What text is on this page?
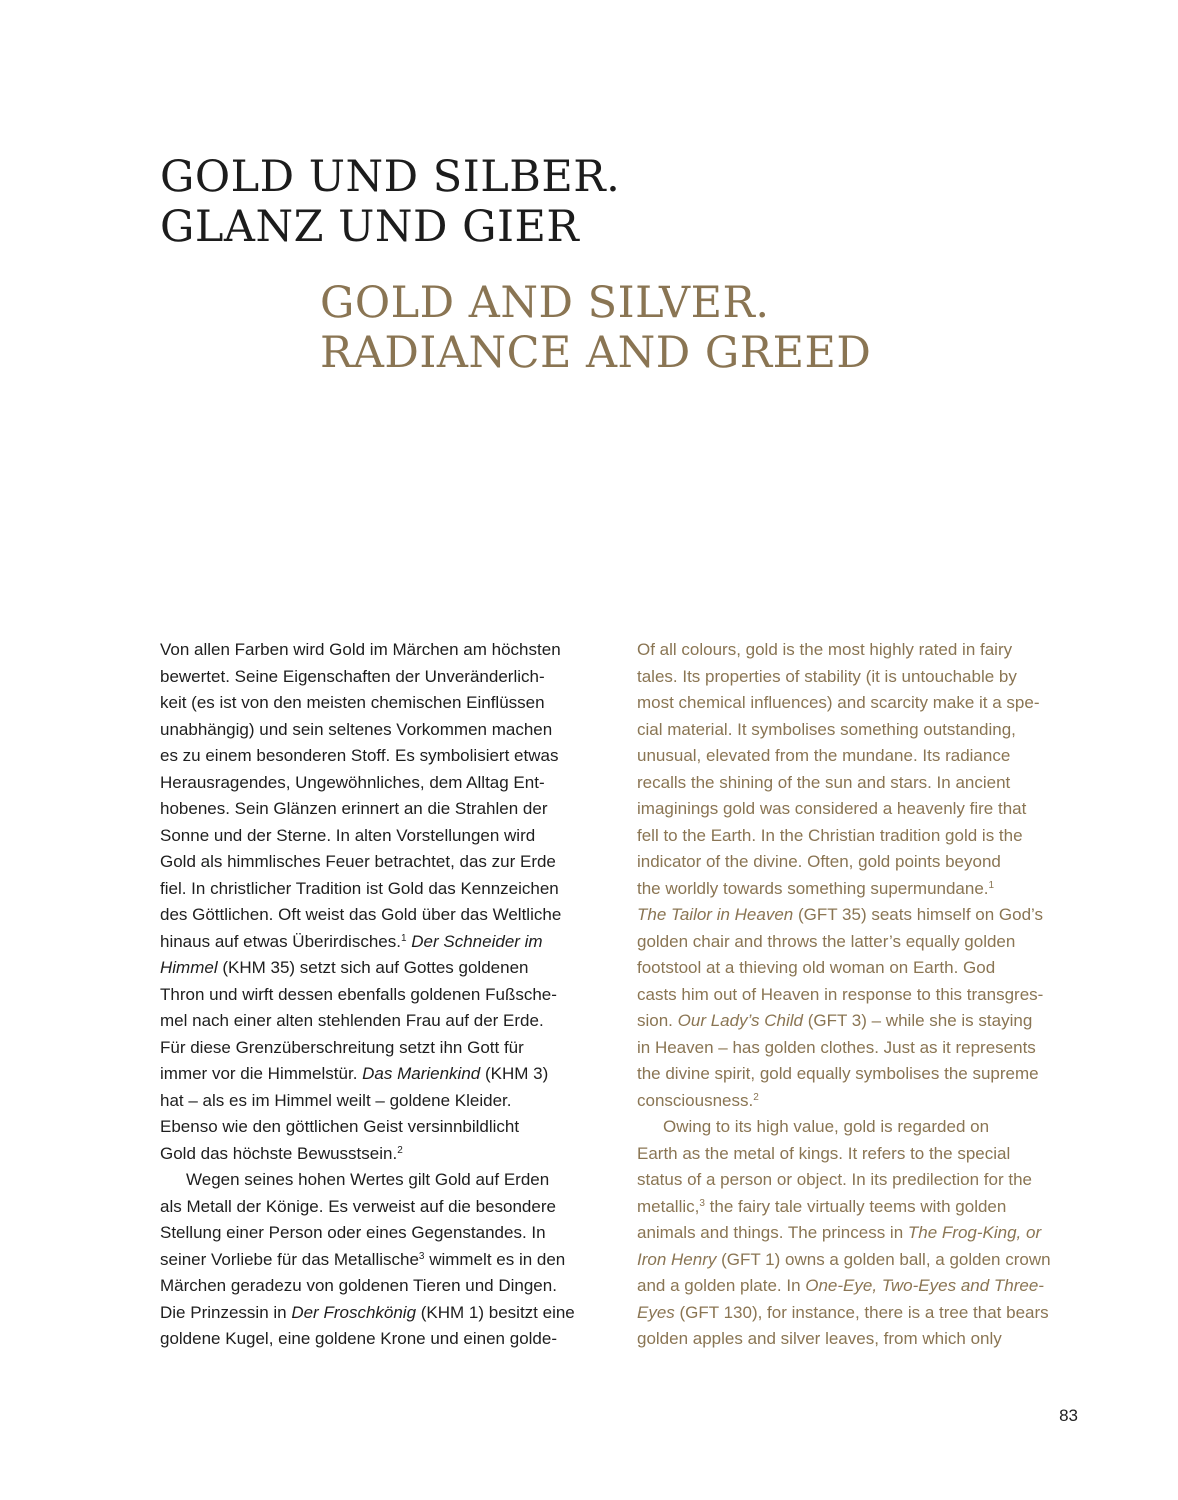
GOLD UND SILBER.
GLANZ UND GIER
GOLD AND SILVER.
RADIANCE AND GREED

Von allen Farben wird Gold im Märchen am höchsten
bewertet. Seine Eigenschaften der Unveränderlich-
keit (es ist von den meisten chemischen Einflüssen
unabhängig) und sein seltenes Vorkommen machen
es zu einem besonderen Stoff. Es symbolisiert etwas
Herausragendes, Ungewöhnliches, dem Alltag Ent-
hobenes. Sein Glänzen erinnert an die Strahlen der
Sonne und der Sterne. In alten Vorstellungen wird
Gold als himmlisches Feuer betrachtet, das zur Erde
fiel. In christlicher Tradition ist Gold das Kennzeichen
des Göttlichen. Oft weist das Gold über das Weltliche
hinaus auf etwas Überirdisches.$^1$ Der Schneider im
Himmel (KHM 35) setzt sich auf Gottes goldenen
Thron und wirft dessen ebenfalls goldenen Fußsche-
mel nach einer alten stehlenden Frau auf der Erde.
Für diese Grenzüberschreitung setzt ihn Gott für
immer vor die Himmelstür. Das Marienkind (KHM 3)
hat – als es im Himmel weilt – goldene Kleider.
Ebenso wie den göttlichen Geist versinnbildlicht
Gold das höchste Bewusstsein.$^2$

Wegen seines hohen Wertes gilt Gold auf Erden
als Metall der Könige. Es verweist auf die besondere
Stellung einer Person oder eines Gegenstandes. In
seiner Vorliebe für das Metallische$^3$ wimmelt es in den
Märchen geradezu von goldenen Tieren und Dingen.
Die Prinzessin in Der Froschkönig (KHM 1) besitzt eine
goldene Kugel, eine goldene Krone und einen golde-

Of all colours, gold is the most highly rated in fairy
tales. Its properties of stability (it is untouchable by
most chemical influences) and scarcity make it a spe-
cial material. It symbolises something outstanding,
unusual, elevated from the mundane. Its radiance
recalls the shining of the sun and stars. In ancient
imaginings gold was considered a heavenly fire that
fell to the Earth. In the Christian tradition gold is the
indicator of the divine. Often, gold points beyond
the worldly towards something supermundane.$^1$
The Tailor in Heaven (GFT 35) seats himself on God’s
golden chair and throws the latter’s equally golden
footstool at a thieving old woman on Earth. God
casts him out of Heaven in response to this transgres-
sion. Our Lady’s Child (GFT 3) – while she is staying
in Heaven – has golden clothes. Just as it represents
the divine spirit, gold equally symbolises the supreme
consciousness.$^2$

Owing to its high value, gold is regarded on
Earth as the metal of kings. It refers to the special
status of a person or object. In its predilection for the
metallic,$^3$ the fairy tale virtually teems with golden
animals and things. The princess in The Frog-King, or
Iron Henry (GFT 1) owns a golden ball, a golden crown
and a golden plate. In One-Eye, Two-Eyes and Three-
Eyes (GFT 130), for instance, there is a tree that bears
golden apples and silver leaves, from which only

83
